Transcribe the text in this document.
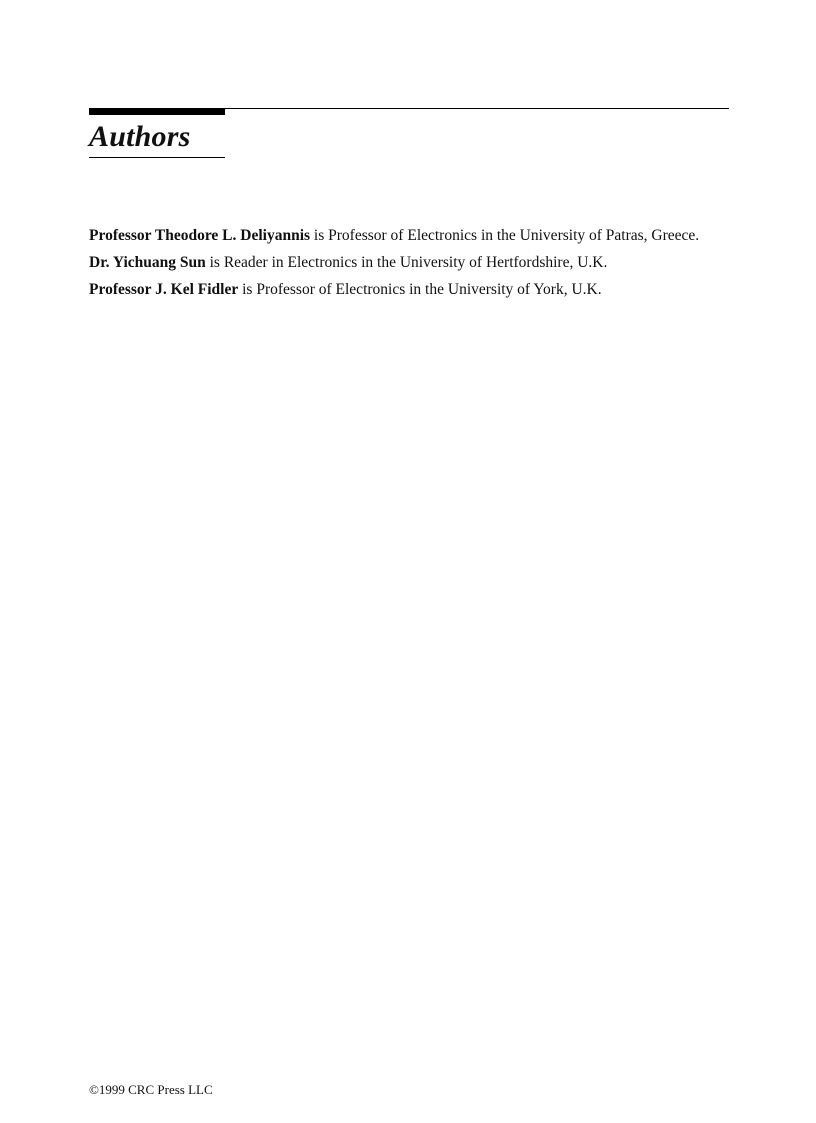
Authors

Professor Theodore L. Deliyannis is Professor of Electronics in the University of Patras, Greece.

Dr. Yichuang Sun is Reader in Electronics in the University of Hertfordshire, U.K.

Professor J. Kel Fidler is Professor of Electronics in the University of York, U.K.

©1999 CRC Press LLC
